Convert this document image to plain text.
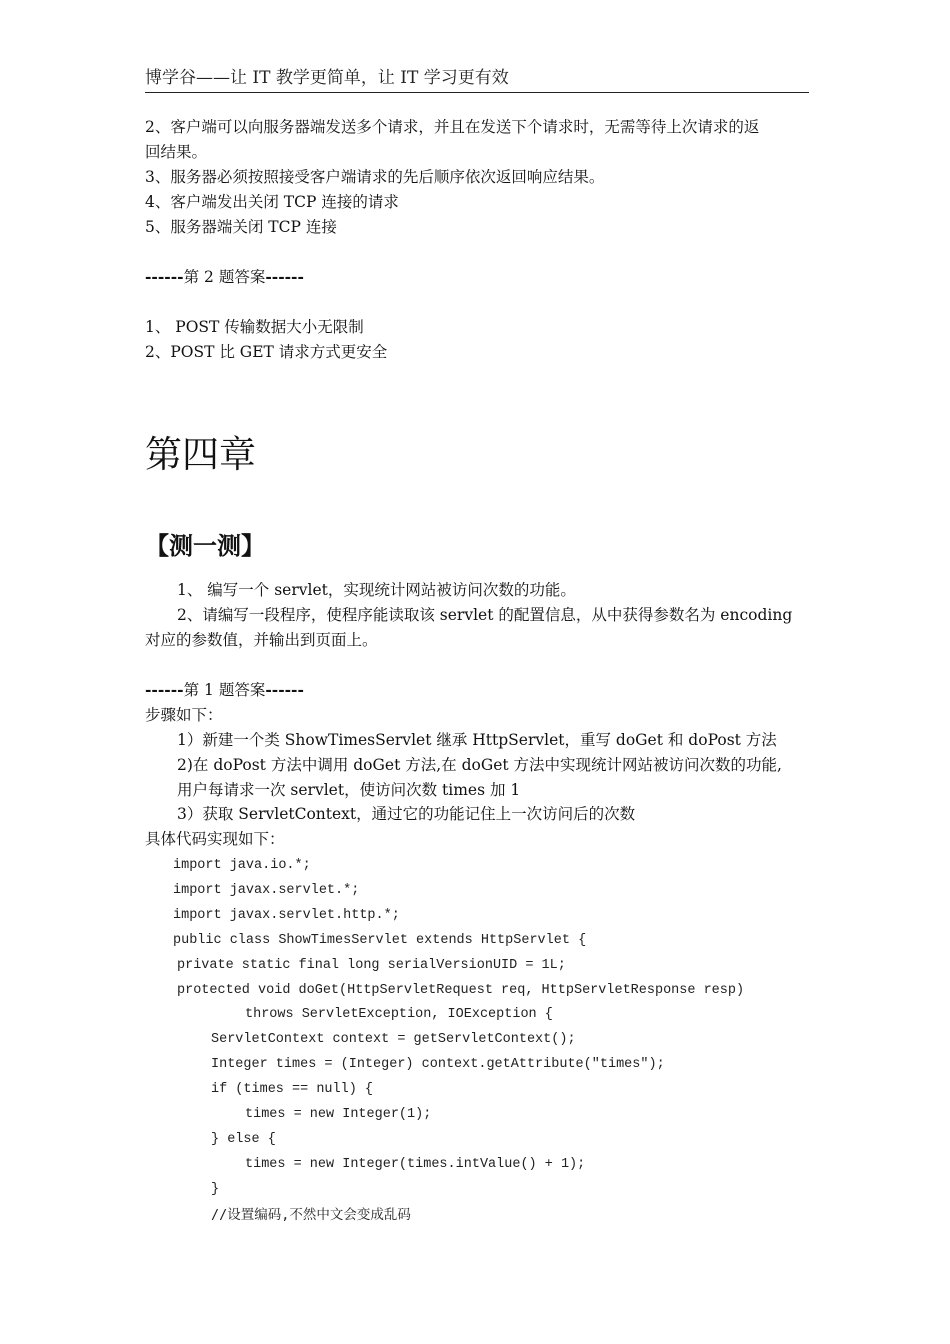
博学谷——让 IT 教学更简单，让 IT 学习更有效
2、客户端可以向服务器端发送多个请求，并且在发送下个请求时，无需等待上次请求的返
回结果。
3、服务器必须按照接受客户端请求的先后顺序依次返回响应结果。
4、客户端发出关闭 TCP 连接的请求
5、服务器端关闭 TCP 连接
------第 2 题答案------
1、 POST 传输数据大小无限制
2、POST 比 GET 请求方式更安全
第四章
【测一测】
1、 编写一个 servlet，实现统计网站被访问次数的功能。
2、请编写一段程序，使程序能读取该 servlet 的配置信息，从中获得参数名为 encoding
对应的参数值，并输出到页面上。
------第 1 题答案------
步骤如下：
1）新建一个类 ShowTimesServlet 继承 HttpServlet，重写 doGet 和 doPost 方法
2)在 doPost 方法中调用 doGet 方法,在 doGet 方法中实现统计网站被访问次数的功能,
用户每请求一次 servlet，使访问次数 times 加 1
3）获取 ServletContext，通过它的功能记住上一次访问后的次数
具体代码实现如下：
import java.io.*;
import javax.servlet.*;
import javax.servlet.http.*;
public class ShowTimesServlet extends HttpServlet {
private static final long serialVersionUID = 1L;
protected void doGet(HttpServletRequest req, HttpServletResponse resp)
throws ServletException, IOException {
ServletContext context = getServletContext();
Integer times = (Integer) context.getAttribute("times");
if (times == null) {
times = new Integer(1);
} else {
times = new Integer(times.intValue() + 1);
}
//设置编码,不然中文会变成乱码
